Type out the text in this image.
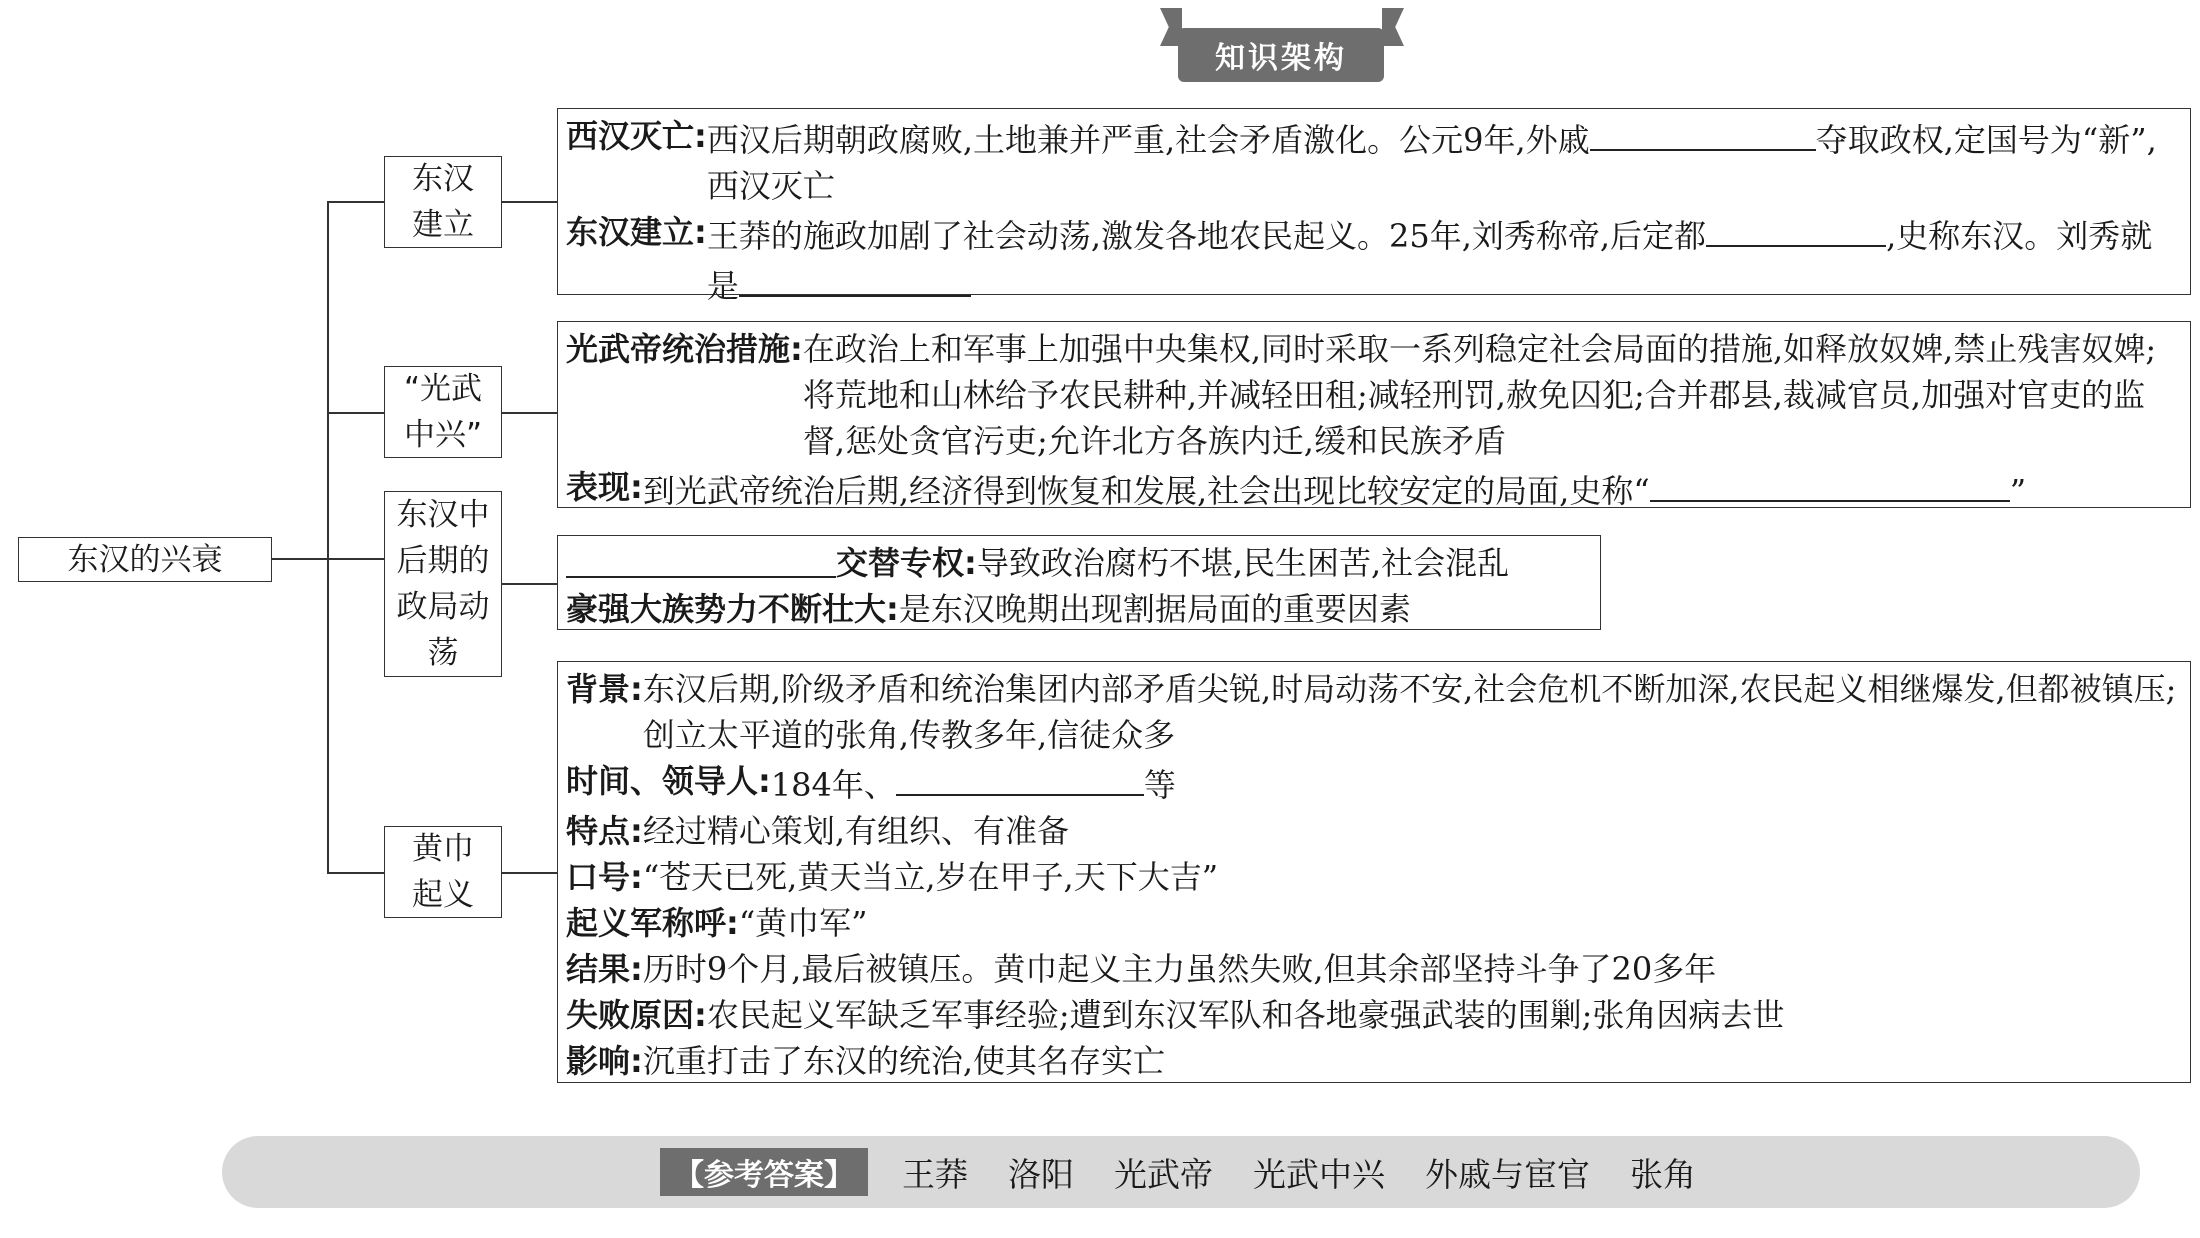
知识架构
东汉的兴衰
东汉
建立
“光武
中兴”
东汉中
后期的
政局动
荡
黄巾
起义
西汉灭亡: 西汉后期朝政腐败,土地兼并严重,社会矛盾激化。公元9年,外戚	夺取政权,定国号为“新”,西汉灭亡
东汉建立: 王莽的施政加剧了社会动荡,激发各地农民起义。25年,刘秀称帝,后定都	,史称东汉。刘秀就是
光武帝统治措施: 在政治上和军事上加强中央集权,同时采取一系列稳定社会局面的措施,如释放奴婢,禁止残害奴婢;将荒地和山林给予农民耕种,并减轻田租;减轻刑罚,赦免囚犯;合并郡县,裁减官员,加强对官吏的监督,惩处贪官污吏;允许北方各族内迁,缓和民族矛盾
表现: 到光武帝统治后期,经济得到恢复和发展,社会出现比较安定的局面,史称“	”
交替专权: 导致政治腐朽不堪,民生困苦,社会混乱
豪强大族势力不断壮大: 是东汉晚期出现割据局面的重要因素
背景: 东汉后期,阶级矛盾和统治集团内部矛盾尖锐,时局动荡不安,社会危机不断加深,农民起义相继爆发,但都被镇压;创立太平道的张角,传教多年,信徒众多
时间、领导人: 184年、	等
特点: 经过精心策划,有组织、有准备
口号: “苍天已死,黄天当立,岁在甲子,天下大吉”
起义军称呼: “黄巾军”
结果: 历时9个月,最后被镇压。黄巾起义主力虽然失败,但其余部坚持斗争了20多年
失败原因: 农民起义军缺乏军事经验;遭到东汉军队和各地豪强武装的围剿;张角因病去世
影响: 沉重打击了东汉的统治,使其名存实亡
【参考答案】	王莽 洛阳 光武帝 光武中兴 外戚与宦官 张角
